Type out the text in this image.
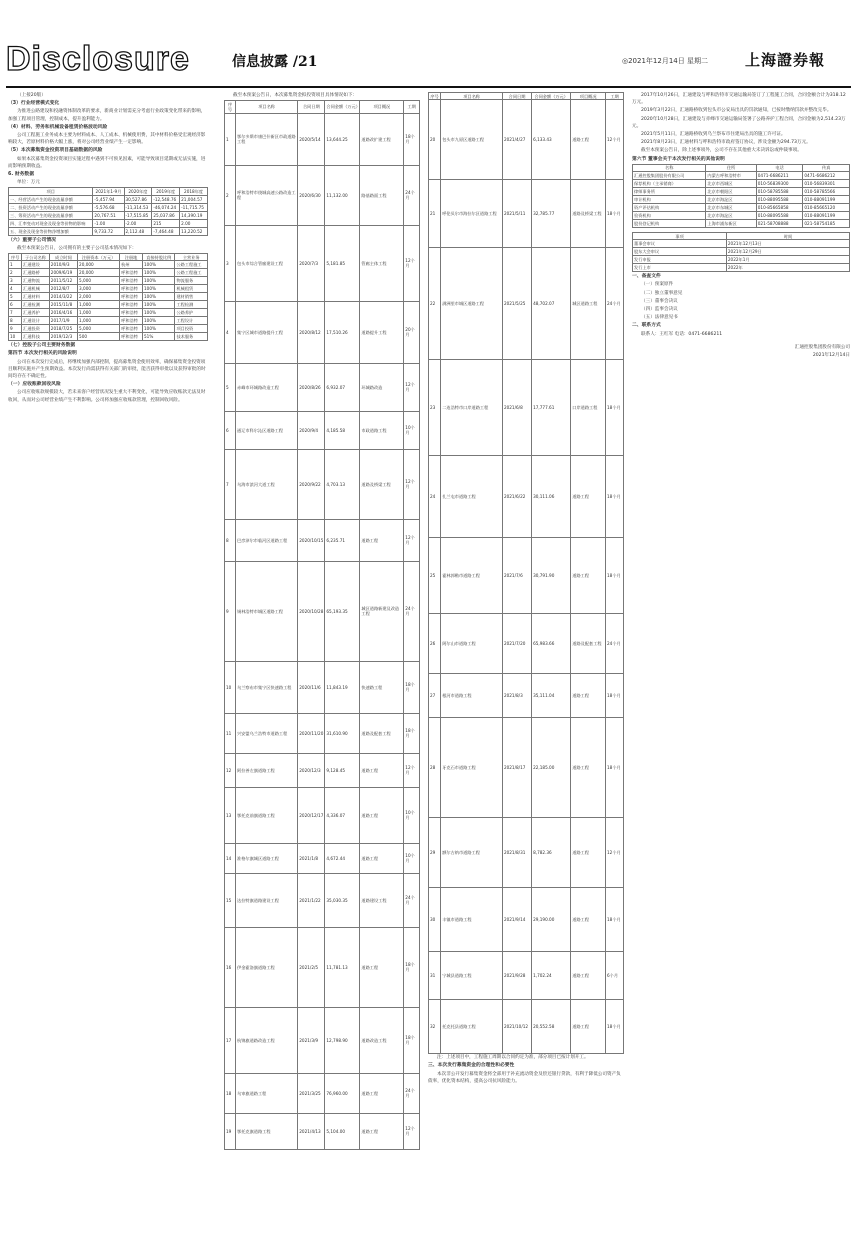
Disclosure	信息披露 /21	◎2021年12月14日 星期二 上海證券報

（上接20版）

（3）行业经营模式变化

为推进公路建设和投融资体制改革的要求，新商业计划需充分考虑行业政策变化带来的影响，加强工程项目管理，控制成本，提升盈利能力。

（4）材料、劳务和机械设备租赁价格波动风险

公司工程施工业务成本主要为材料成本、人工成本、机械使用费，其中材料价格受宏观经济影响较大，若原材料价格大幅上涨，将对公司经营业绩产生一定影响。

（5）本次募集资金投资项目基础数据的风险

如果本次募集资金投资项目实施过程中遇到不可预见因素，可能导致项目延期或无法实施，进而影响预期收益。

6. 财务数据

单位：万元

项目	2021年1-9月	2020年度	2019年度	2018年度
一、经营活动产生的现金流量净额	-5,457.94	30,527.86	-12,548.76	21,004.57
二、投资活动产生的现金流量净额	-5,576.68	-11,314.53	-46,074.24	-11,715.75
三、筹资活动产生的现金流量净额	20,767.51	-17,515.85	25,037.86	14,390.19
四、汇率变动对现金及现金等价物的影响	-1.00	-2.00	215	2.00
五、现金及现金等价物净增加额	9,733.72	2,112.48	-7,464.48	13,220.52
（六）重要子公司情况

截至本预案公告日，公司拥有的主要子公司基本情况如下：

序号	子公司名称	成立时间	注册资本（万元）	注册地	直接持股比例	主营业务
1	汇通建设	2010/9/3	20,000	杭州	100%	公路工程施工
2	汇通路桥	2009/6/19	20,000	呼和浩特	100%	公路工程施工
3	汇通物流	2011/5/12	5,000	呼和浩特	100%	物流服务
4	汇通机械	2012/8/7	3,000	呼和浩特	100%	机械租赁
5	汇通材料	2014/3/22	2,000	呼和浩特	100%	建材销售
6	汇通检测	2015/11/8	1,000	呼和浩特	100%	工程检测
7	汇通养护	2016/4/16	1,000	呼和浩特	100%	公路养护
8	汇通设计	2017/1/9	1,000	呼和浩特	100%	工程设计
9	汇通投资	2018/7/25	5,000	呼和浩特	100%	项目投资
10	汇通科技	2019/12/3	500	呼和浩特	51%	技术服务
（七）控股子公司主要财务数据
第四节 本次发行相关的风险说明

公司在本次发行完成后，将继续加强内部控制，提高募集资金使用效率，确保募集资金投资项目顺利实施并产生预期效益。本次发行尚需获得有关部门的审批，能否获得审批以及获得审批的时间均存在不确定性。

（一）应收账款回收风险

公司应收账款规模较大，若未来客户经营状况发生重大不利变化，可能导致应收账款无法及时收回，从而对公司经营业绩产生不利影响。公司将加强应收账款管理，控制回收风险。

截至本预案公告日，本次募集资金拟投资项目具体情况如下：

序号	项目名称	合同日期	合同金额（万元）	项目概况	工期
1	鄂尔多斯市康巴什新区市政道路工程	2020/5/14	13,644.25	道路改扩建工程	18个月
2	呼和浩特市绕城高速公路改造工程	2020/6/30	11,132.00	路基路面工程	24个月
3	包头市综合管廊建设工程	2020/7/3	5,181.85	管廊主体工程	12个月
4	集宁区城市道路提升工程	2020/8/12	17,510.26	道路提升工程	20个月
5	赤峰市环城路改造工程	2020/8/26	6,932.07	环城路改造	12个月
6	通辽市科尔沁区道路工程	2020/9/4	4,185.58	市政道路工程	10个月
7	乌海市滨河大道工程	2020/9/22	4,703.13	道路及桥梁工程	12个月
8	巴彦淖尔市临河区道路工程	2020/10/15	6,235.71	道路工程	12个月
9	锡林浩特市城区道路工程	2020/10/28	65,193.35	城区道路新建及改造工程	24个月
10	乌兰察布市集宁区快速路工程	2020/11/6	11,843.19	快速路工程	18个月
11	兴安盟乌兰浩特市道路工程	2020/11/20	31,610.90	道路及配套工程	18个月
12	阿拉善左旗道路工程	2020/12/3	9,128.45	道路工程	12个月
13	鄂托克前旗道路工程	2020/12/17	4,336.07	道路工程	10个月
14	准格尔旗城区道路工程	2021/1/8	4,672.44	道路工程	10个月
15	达拉特旗道路建设工程	2021/1/22	35,030.35	道路建设工程	24个月
16	伊金霍洛旗道路工程	2021/2/5	11,781.13	道路工程	18个月
17	杭锦旗道路改造工程	2021/3/9	12,798.90	道路改造工程	18个月
18	乌审旗道路工程	2021/3/25	76,960.00	道路工程	24个月
19	鄂托克旗道路工程	2021/4/13	5,104.00	道路工程	12个月
序号	项目名称	合同日期	合同金额（万元）	项目概况	工期
20	包头市九原区道路工程	2021/4/27	6,133.43	道路工程	12个月
21	呼伦贝尔市海拉尔区道路工程	2021/5/11	32,785.77	道路及桥梁工程	18个月
22	满洲里市城区道路工程	2021/5/25	48,702.07	城区道路工程	24个月
23	二连浩特市口岸道路工程	2021/6/8	17,777.61	口岸道路工程	18个月
24	扎兰屯市道路工程	2021/6/22	30,111.06	道路工程	18个月
25	霍林郭勒市道路工程	2021/7/6	30,791.90	道路工程	18个月
26	阿尔山市道路工程	2021/7/20	65,983.66	道路及配套工程	24个月
27	根河市道路工程	2021/8/3	35,111.04	道路工程	18个月
28	牙克石市道路工程	2021/8/17	22,185.00	道路工程	18个月
29	额尔古纳市道路工程	2021/8/31	8,782.36	道路工程	12个月
30	丰镇市道路工程	2021/9/14	29,190.00	道路工程	18个月
31	宁城县道路工程	2021/9/28	1,702.24	道路工程	6个月
32	托克托县道路工程	2021/10/12	20,552.58	道路工程	18个月

注：上述项目中，工程施工周期以合同约定为准，部分项目已按计划开工。

三、本次发行募集资金的合理性和必要性

本次非公开发行募集资金将全部用于补充流动资金及偿还银行贷款，有利于降低公司资产负债率，优化资本结构，提高公司抗风险能力。

2017年10月26日，汇通建设与呼和浩特市交通运输局签订了工程施工合同，合同金额合计为318.12万元。

2019年3月22日，汇通路桥收到包头市公安局出具的罚款通知，已按时缴纳罚款并整改完毕。

2020年10月28日，汇通建设与赤峰市交通运输局签署了公路养护工程合同，合同金额为2,514.23万元。

2021年5月11日，汇通路桥收到乌兰察布市住建局出具的施工许可证。

2021年8月23日，汇通材料与呼和浩特市政府签订协议，涉及金额为294.73万元。

截至本预案公告日，除上述事项外，公司不存在其他重大未决诉讼或仲裁事项。

第六节 董事会关于本次发行相关的其他说明
名称	住所	电话	传真
汇通控股集团股份有限公司	内蒙古呼和浩特市	0471-6686211	0471-6686212
保荐机构（主承销商）	北京市西城区	010-56839300	010-56839301
律师事务所	北京市朝阳区	010-58785588	010-58785566
审计机构	北京市海淀区	010-88095588	010-88091199
资产评估机构	北京市东城区	010-85665858	010-85665120
验资机构	北京市海淀区	010-88095588	010-88091199
股份登记机构	上海市浦东新区	021-58708888	021-58754185
事项	时间
董事会审议	2021年12月13日
股东大会审议	2021年12月29日
发行申报	2022年1月
发行上市	2022年
一、备查文件

（一）预案原件

（二）独立董事意见

（三）董事会决议

（四）监事会决议

（五）法律意见书

二、联系方式

联系人：王红军 电话：0471-6686211

汇通控股集团股份有限公司
2021年12月14日
